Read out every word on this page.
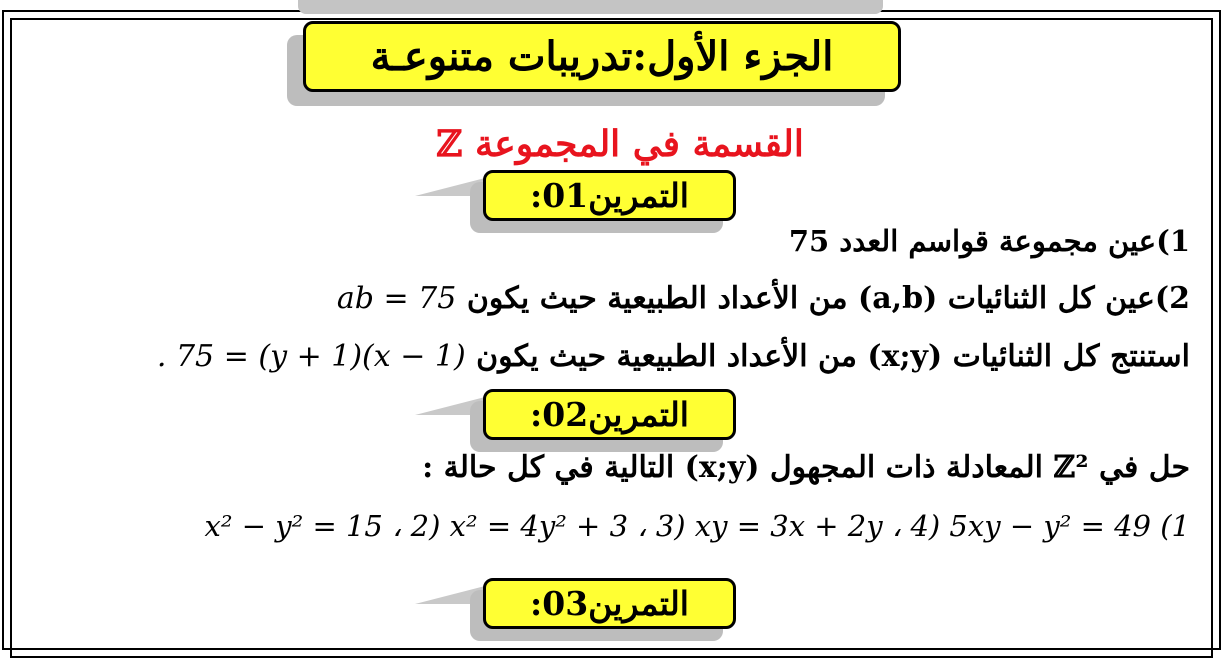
الجزء الأول:تدريبات متنوعـة
القسمة في المجموعة ℤ
التمرين01:
1)عين مجموعة قواسم العدد 75
2)عين كل الثنائيات (a,b) من الأعداد الطبيعية حيث يكون ab = 75
استنتج كل الثنائيات (x;y) من الأعداد الطبيعية حيث يكون (x − 1)(y + 1) = 75 .
التمرين02:
حل في ℤ² المعادلة ذات المجهول (x;y) التالية في كل حالة :
1) x² − y² = 15 ، 2) x² = 4y² + 3 ، 3) xy = 3x + 2y ، 4) 5xy − y² = 49
التمرين03:
